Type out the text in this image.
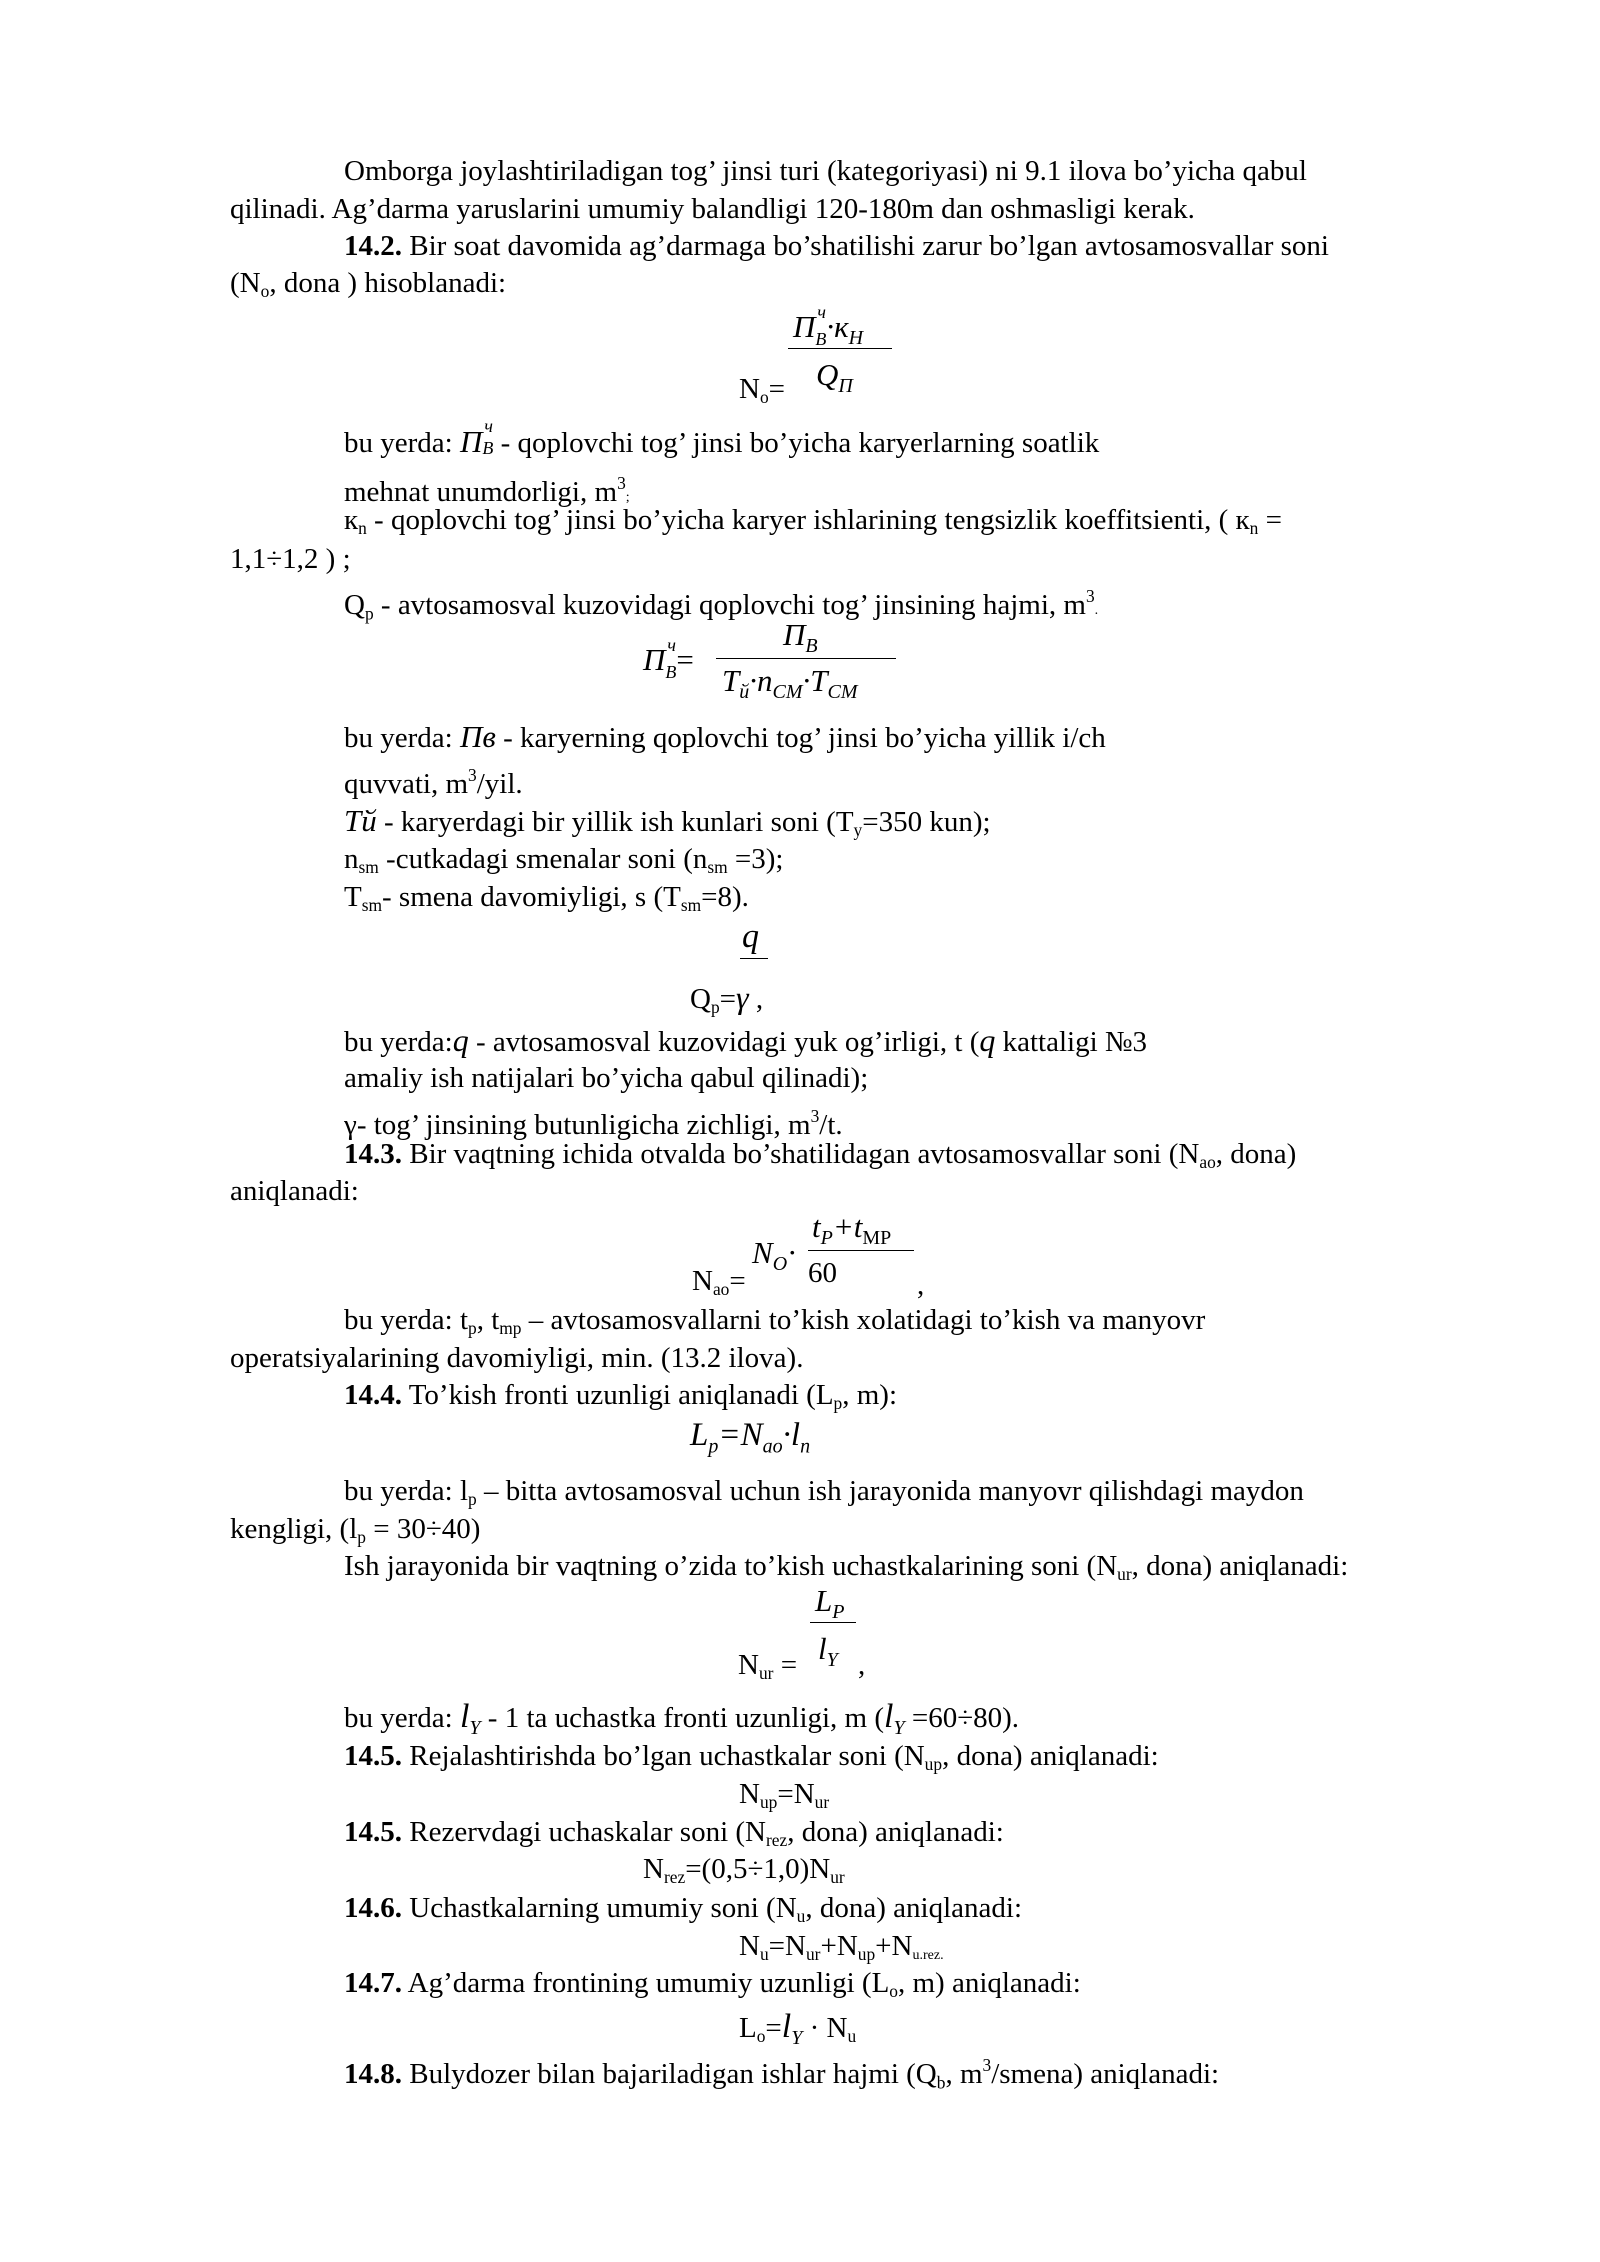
Omborga joylashtiriladigan tog’ jinsi turi (kategoriyasi) ni 9.1 ilova bo’yicha qabul
qilinadi. Ag’darma yaruslarini umumiy balandligi 120-180m dan oshmasligi kerak.
14.2. Bir soat davomida ag’darmaga bo’shatilishi zarur bo’lgan avtosamosvallar soni
($N_o$, dona ) hisoblanadi:
П ч
$_В\cdot к_Н$
$N_o= Q_П$
bu yerda: П ч
В - qoplovchi tog’ jinsi bo’yicha karyerlarning soatlik
mehnat unumdorligi, $m^3$;
$к_n$ - qoplovchi tog’ jinsi bo’yicha karyer ishlarining tengsizlik koeffitsienti, ( $к_n$ =
1,1÷1,2 ) ;
$Q_p$ - avtosamosval kuzovidagi qoplovchi tog’ jinsining hajmi, $m^3$.
П ч
$_В$=
$П_В$
$Т_й\cdot n_{СМ}\cdot Т_{СМ}$
bu yerda: Пв - karyerning qoplovchi tog’ jinsi bo’yicha yillik i/ch
quvvati, $m^3$/yil.
Тй - karyerdagi bir yillik ish kunlari soni ($T_y=350$ kun);
$n_{sm}$ -cutkadagi smenalar soni $(n_{sm} =3)$;
$T_{sm}-$ smena davomiyligi, s $(T_{sm}=8)$.
q
$Q_p=\gamma$ ,
bu yerda:q - avtosamosval kuzovidagi yuk og’irligi, t (q kattaligi №3
amaliy ish natijalari bo’yicha qabul qilinadi);
γ- tog’ jinsining butunligicha zichligi, $m^3/t$.
14.3. Bir vaqtning ichida otvalda bo’shatilidagan avtosamosvallar soni ($N_{ao}$, dona)
aniqlanadi:
$N_{ao}=$
$N_O\cdot$
$t_P+t_{МР}$
60	,
bu yerda: $t_p$, $t_{mp}$ – avtosamosvallarni to’kish xolatidagi to’kish va manyovr
operatsiyalarining davomiyligi, min. (13.2 ilova).
14.4. To’kish fronti uzunligi aniqlanadi ($L_p$, m):
$L_p=N_{ao}\cdot l_n$
bu yerda: $l_p$ – bitta avtosamosval uchun ish jarayonida manyovr qilishdagi maydon
kengligi, $(l_p = 30\div 40)$
Ish jarayonida bir vaqtning o’zida to’kish uchastkalarining soni ($N_{ur}$, dona) aniqlanadi:
$L_P$
$N_{ur} = l_Y$ ,
bu yerda: $l_Y - 1$ ta uchastka fronti uzunligi, m $(l_Y =60\div 80)$.
14.5. Rejalashtirishda bo’lgan uchastkalar soni ($N_{up}$, dona) aniqlanadi:
$N_{up}=N_{ur}$
14.5. Rezervdagi uchaskalar soni ($N_{rez}$, dona) aniqlanadi:
$N_{rez}=(0,5\div 1,0)N_{ur}$
14.6. Uchastkalarning umumiy soni ($N_u$, dona) aniqlanadi:
$N_u=N_{ur}+N_{up}+N_{u.rez.}$
14.7. Ag’darma frontining umumiy uzunligi ($L_o$, m) aniqlanadi:
$L_o=l_Y \cdot N_u$
14.8. Bulydozer bilan bajariladigan ishlar hajmi ($Q_b$, $m^3/smena$) aniqlanadi:
